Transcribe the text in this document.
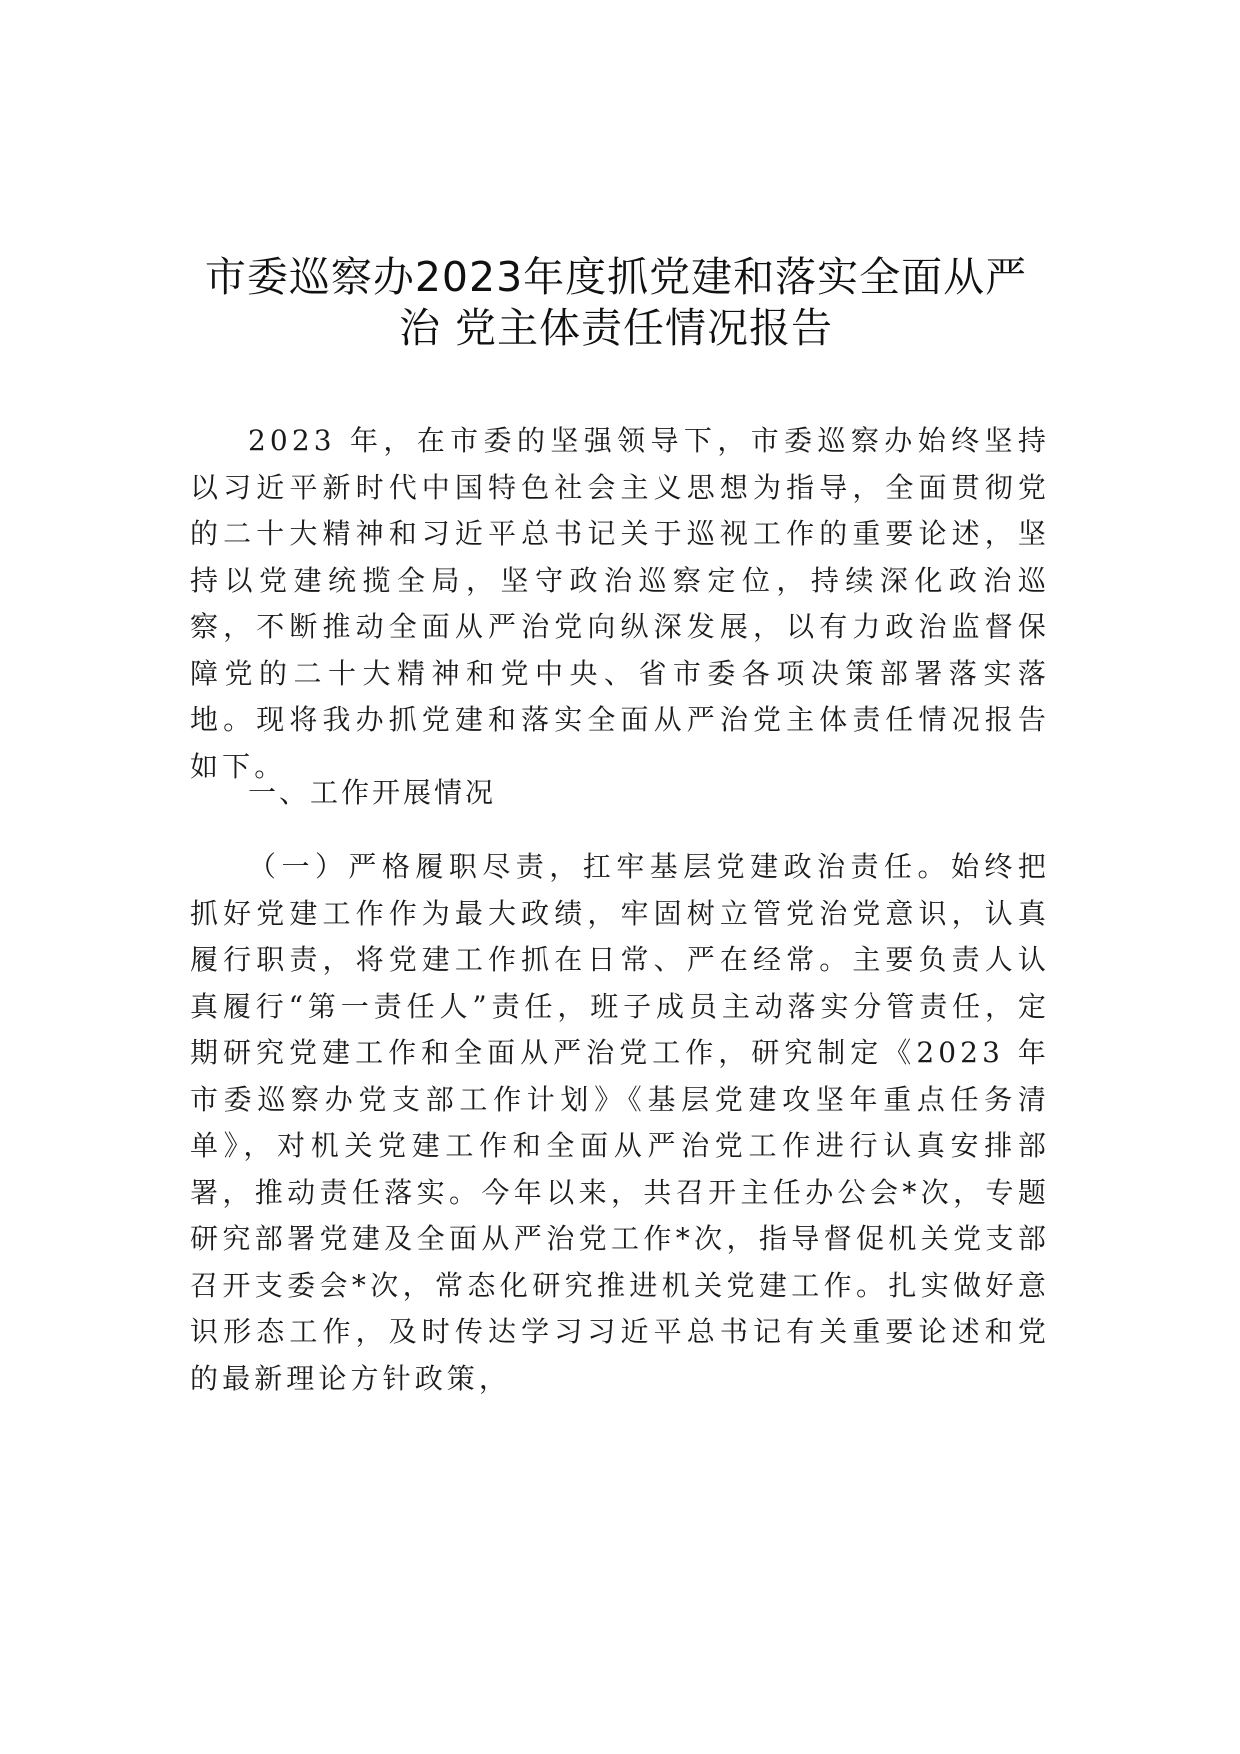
市委巡察办2023年度抓党建和落实全面从严
治 党主体责任情况报告

2023 年，在市委的坚强领导下，市委巡察办始终坚持以习近平新时代中国特色社会主义思想为指导，全面贯彻党的二十大精神和习近平总书记关于巡视工作的重要论述，坚持以党建统揽全局，坚守政治巡察定位，持续深化政治巡察，不断推动全面从严治党向纵深发展，以有力政治监督保障党的二十大精神和党中央、省市委各项决策部署落实落地。现将我办抓党建和落实全面从严治党主体责任情况报告如下。

一、工作开展情况

（一）严格履职尽责，扛牢基层党建政治责任。始终把抓好党建工作作为最大政绩，牢固树立管党治党意识，认真履行职责，将党建工作抓在日常、严在经常。主要负责人认真履行“第一责任人”责任，班子成员主动落实分管责任，定期研究党建工作和全面从严治党工作，研究制定《2023 年市委巡察办党支部工作计划》《基层党建攻坚年重点任务清单》，对机关党建工作和全面从严治党工作进行认真安排部署，推动责任落实。今年以来，共召开主任办公会*次，专题研究部署党建及全面从严治党工作*次，指导督促机关党支部召开支委会*次，常态化研究推进机关党建工作。扎实做好意识形态工作，及时传达学习习近平总书记有关重要论述和党的最新理论方针政策，
